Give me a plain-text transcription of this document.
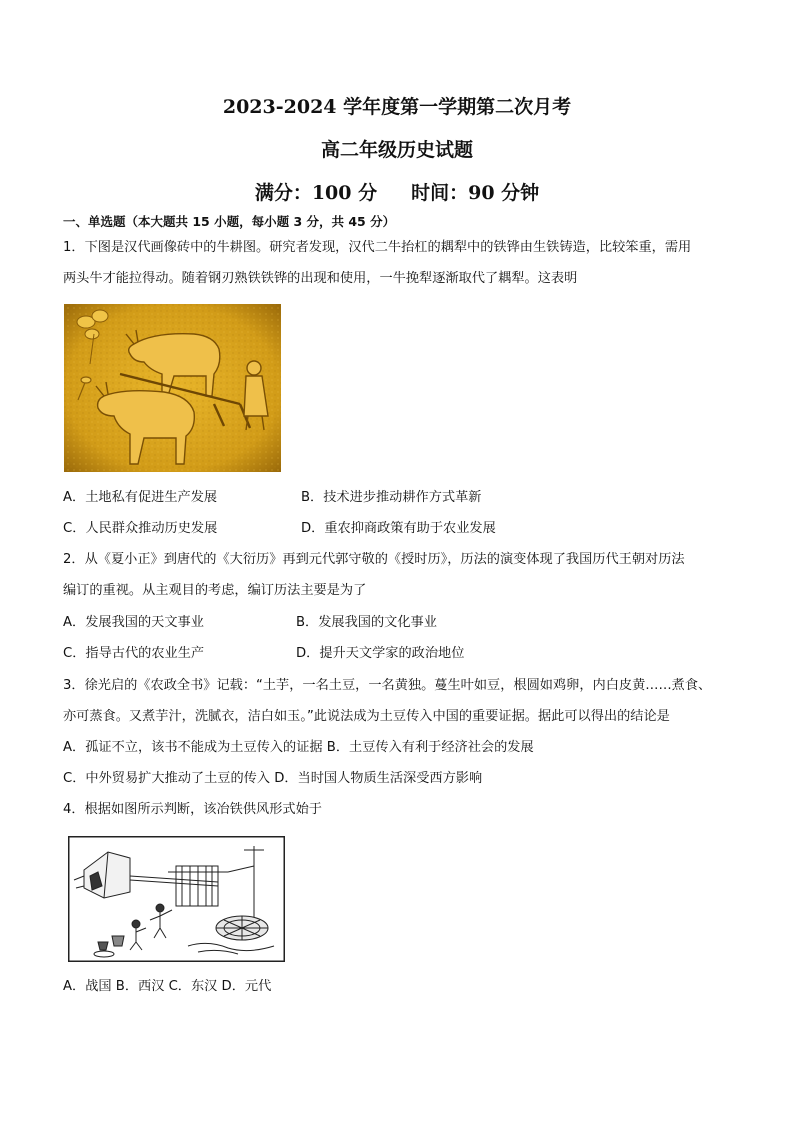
2023-2024 学年度第一学期第二次月考
高二年级历史试题
满分：100 分 时间：90 分钟
一、单选题（本大题共 15 小题，每小题 3 分，共 45 分）
1．下图是汉代画像砖中的牛耕图。研究者发现，汉代二牛抬杠的耦犁中的铁铧由生铁铸造，比较笨重，需用
两头牛才能拉得动。随着钢刃熟铁铁铧的出现和使用，一牛挽犁逐渐取代了耦犁。这表明
A．土地私有促进生产发展	B．技术进步推动耕作方式革新
C．人民群众推动历史发展	D．重农抑商政策有助于农业发展
2．从《夏小正》到唐代的《大衍历》再到元代郭守敬的《授时历》，历法的演变体现了我国历代王朝对历法
编订的重视。从主观目的考虑，编订历法主要是为了
A．发展我国的天文事业	B．发展我国的文化事业
C．指导古代的农业生产	D．提升天文学家的政治地位
3．徐光启的《农政全书》记载：“土芋，一名土豆，一名黄独。蔓生叶如豆，根圆如鸡卵，内白皮黄……煮食、
亦可蒸食。又煮芋汁，洗腻衣，洁白如玉。”此说法成为土豆传入中国的重要证据。据此可以得出的结论是
A．孤证不立，该书不能成为土豆传入的证据 B．土豆传入有利于经济社会的发展
C．中外贸易扩大推动了土豆的传入 D．当时国人物质生活深受西方影响
4．根据如图所示判断，该冶铁供风形式始于
A．战国 B．西汉 C．东汉 D．元代
